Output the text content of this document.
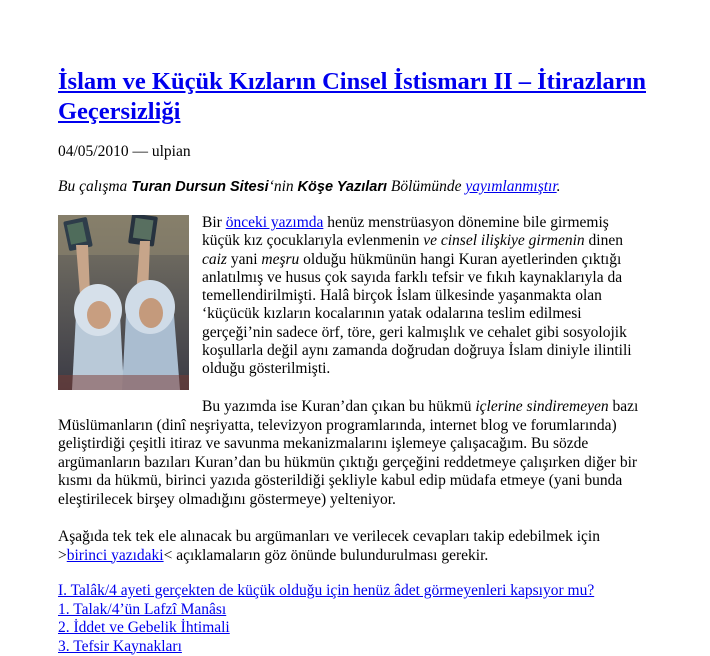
İslam ve Küçük Kızların Cinsel İstismarı II – İtirazların Geçersizliği

04/05/2010 — ulpian

Bu çalışma Turan Dursun Sitesi‘nin Köşe Yazıları Bölümünde yayımlanmıştır.

Bir önceki yazımda henüz menstrüasyon dönemine bile girmemiş
küçük kız çocuklarıyla evlenmenin ve cinsel ilişkiye girmenin dinen
caiz yani meşru olduğu hükmünün hangi Kuran ayetlerinden çıktığı
anlatılmış ve husus çok sayıda farklı tefsir ve fıkıh kaynaklarıyla da
temellendirilmişti. Halâ birçok İslam ülkesinde yaşanmakta olan
‘küçücük kızların kocalarının yatak odalarına teslim edilmesi
gerçeği’nin sadece örf, töre, geri kalmışlık ve cehalet gibi sosyolojik
koşullarla değil aynı zamanda doğrudan doğruya İslam diniyle ilintili
olduğu gösterilmişti.

Bu yazımda ise Kuran’dan çıkan bu hükmü içlerine sindiremeyen bazı
Müslümanların (dinî neşriyatta, televizyon programlarında, internet blog ve forumlarında)
geliştirdiği çeşitli itiraz ve savunma mekanizmalarını işlemeye çalışacağım. Bu sözde
argümanların bazıları Kuran’dan bu hükmün çıktığı gerçeğini reddetmeye çalışırken diğer bir
kısmı da hükmü, birinci yazıda gösterildiği şekliyle kabul edip müdafa etmeye (yani bunda
eleştirilecek birşey olmadığını göstermeye) yelteniyor.

Aşağıda tek tek ele alınacak bu argümanları ve verilecek cevapları takip edebilmek için
>birinci yazıdaki< açıklamaların göz önünde bulundurulması gerekir.

I. Talâk/4 ayeti gerçekten de küçük olduğu için henüz âdet görmeyenleri kapsıyor mu?
1. Talak/4’ün Lafzî Manâsı
2. İddet ve Gebelik İhtimali
3. Tefsir Kaynakları
